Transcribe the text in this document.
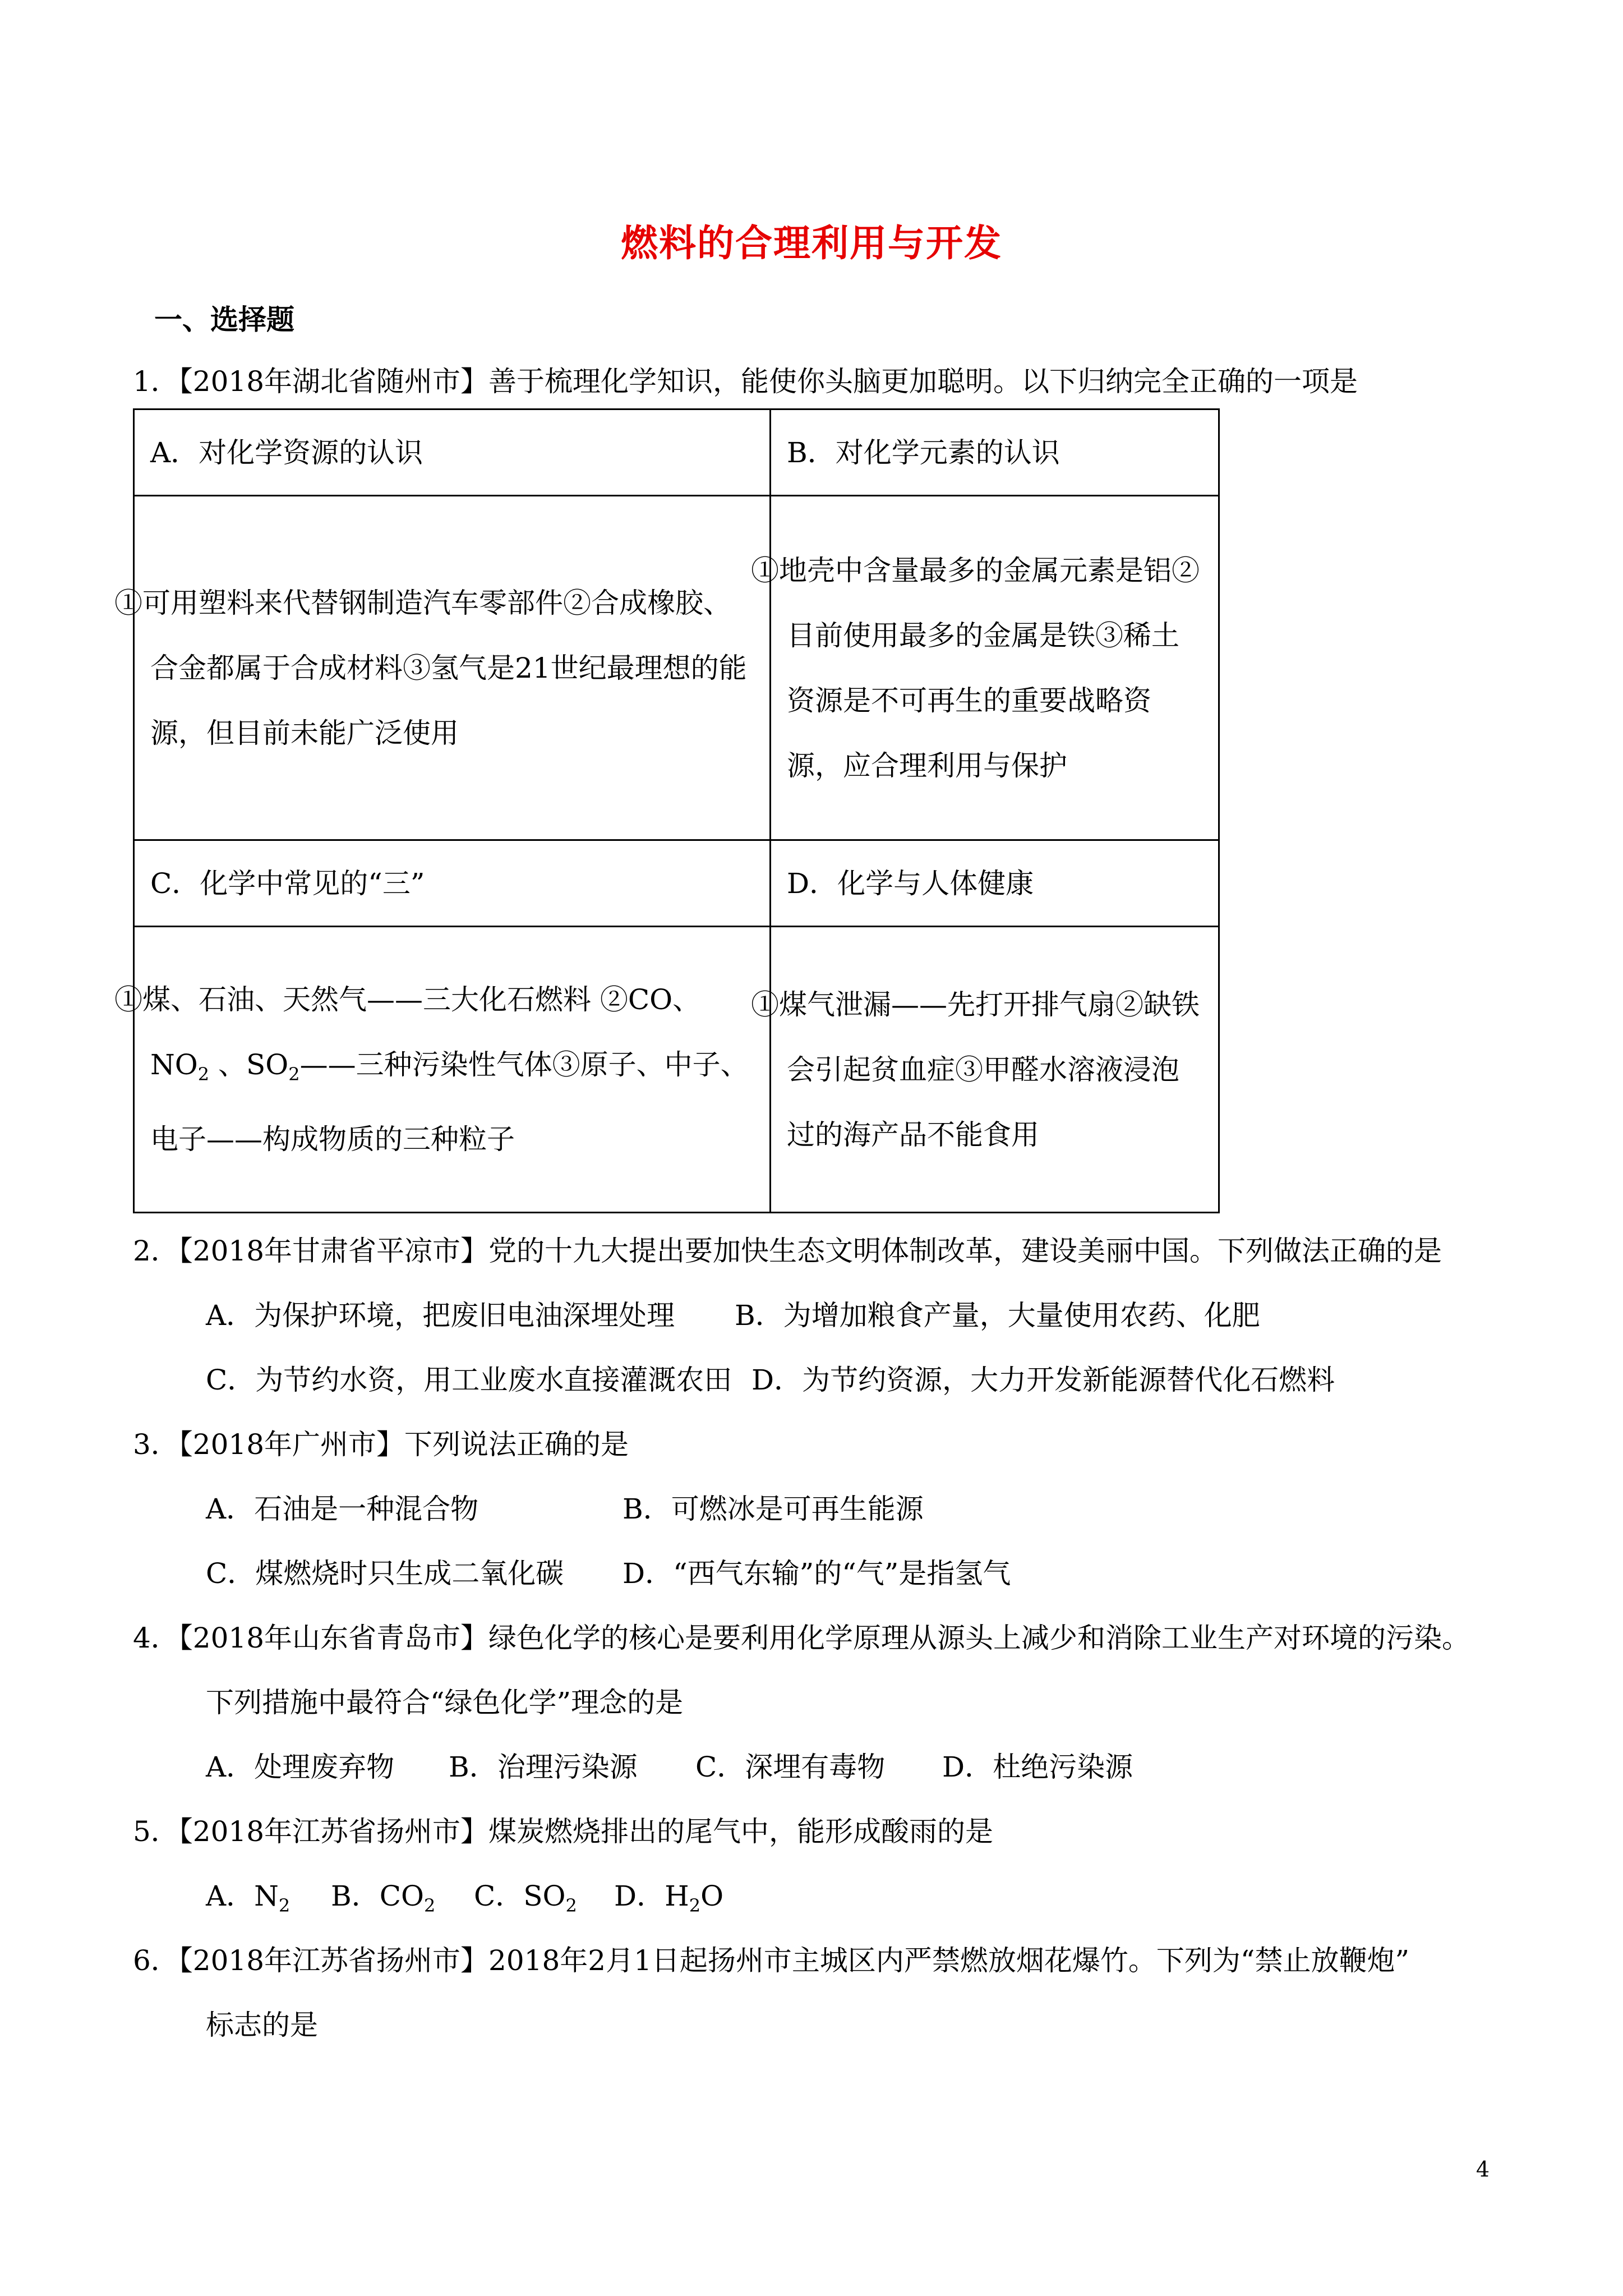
燃料的合理利用与开发
一、选择题
1．【2018年湖北省随州市】善于梳理化学知识，能使你头脑更加聪明。以下归纳完全正确的一项是
A．对化学资源的认识	B．对化学元素的认识
①可用塑料来代替钢制造汽车零部件②合成橡胶、合金都属于合成材料③氢气是21世纪最理想的能源，但目前未能广泛使用	①地壳中含量最多的金属元素是铝②目前使用最多的金属是铁③稀土资源是不可再生的重要战略资源，应合理利用与保护
C．化学中常见的“三”	D．化学与人体健康
①煤、石油、天然气——三大化石燃料 ②CO、$NO_2$ 、$SO_2——$三种污染性气体③原子、中子、电子——构成物质的三种粒子	①煤气泄漏——先打开排气扇②缺铁会引起贫血症③甲醛水溶液浸泡过的海产品不能食用
2．【2018年甘肃省平凉市】党的十九大提出要加快生态文明体制改革，建设美丽中国。下列做法正确的是
A．为保护环境，把废旧电油深埋处理 B．为增加粮食产量，大量使用农药、化肥
C．为节约水资，用工业废水直接灌溉农田 D．为节约资源，大力开发新能源替代化石燃料
3．【2018年广州市】下列说法正确的是
A．石油是一种混合物	B．可燃冰是可再生能源
C．煤燃烧时只生成二氧化碳 D．“西气东输”的“气”是指氢气
4．【2018年山东省青岛市】绿色化学的核心是要利用化学原理从源头上减少和消除工业生产对环境的污染。
下列措施中最符合“绿色化学”理念的是
A．处理废弃物 B．治理污染源 C．深埋有毒物 D．杜绝污染源
5．【2018年江苏省扬州市】煤炭燃烧排出的尾气中，能形成酸雨的是
A．$N_2$ B．$CO_2$ C．$SO_2$ D．$H_2O$
6．【2018年江苏省扬州市】2018年2月1日起扬州市主城区内严禁燃放烟花爆竹。下列为“禁止放鞭炮”
标志的是
4
